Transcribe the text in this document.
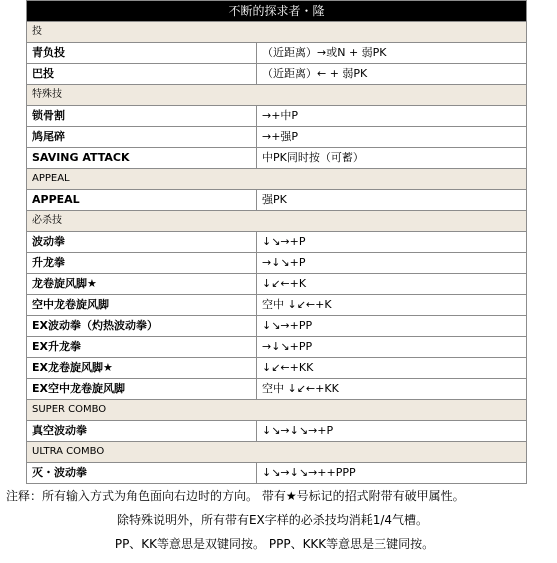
不断的探求者・隆	
投	
青负投	（近距离）→或N + 弱PK
巴投	（近距离）← + 弱PK
特殊技	
锁骨割	→+中P
鸠尾碎	→+强P
SAVING ATTACK	中PK同时按（可蓄）
APPEAL	
APPEAL	强PK
必杀技	
波动拳	↓↘→+P
升龙拳	→↓↘+P
龙卷旋风脚★	↓↙←+K
空中龙卷旋风脚	空中 ↓↙←+K
EX波动拳（灼热波动拳）	↓↘→+PP
EX升龙拳	→↓↘+PP
EX龙卷旋风脚★	↓↙←+KK
EX空中龙卷旋风脚	空中 ↓↙←+KK
SUPER COMBO	
真空波动拳	↓↘→↓↘→+P
ULTRA COMBO	
灭・波动拳	↓↘→↓↘→++PPP

注释：所有输入方式为角色面向右边时的方向。 带有★号标记的招式附带有破甲属性。

除特殊说明外，所有带有EX字样的必杀技均消耗1/4气槽。

PP、KK等意思是双键同按。 PPP、KKK等意思是三键同按。
